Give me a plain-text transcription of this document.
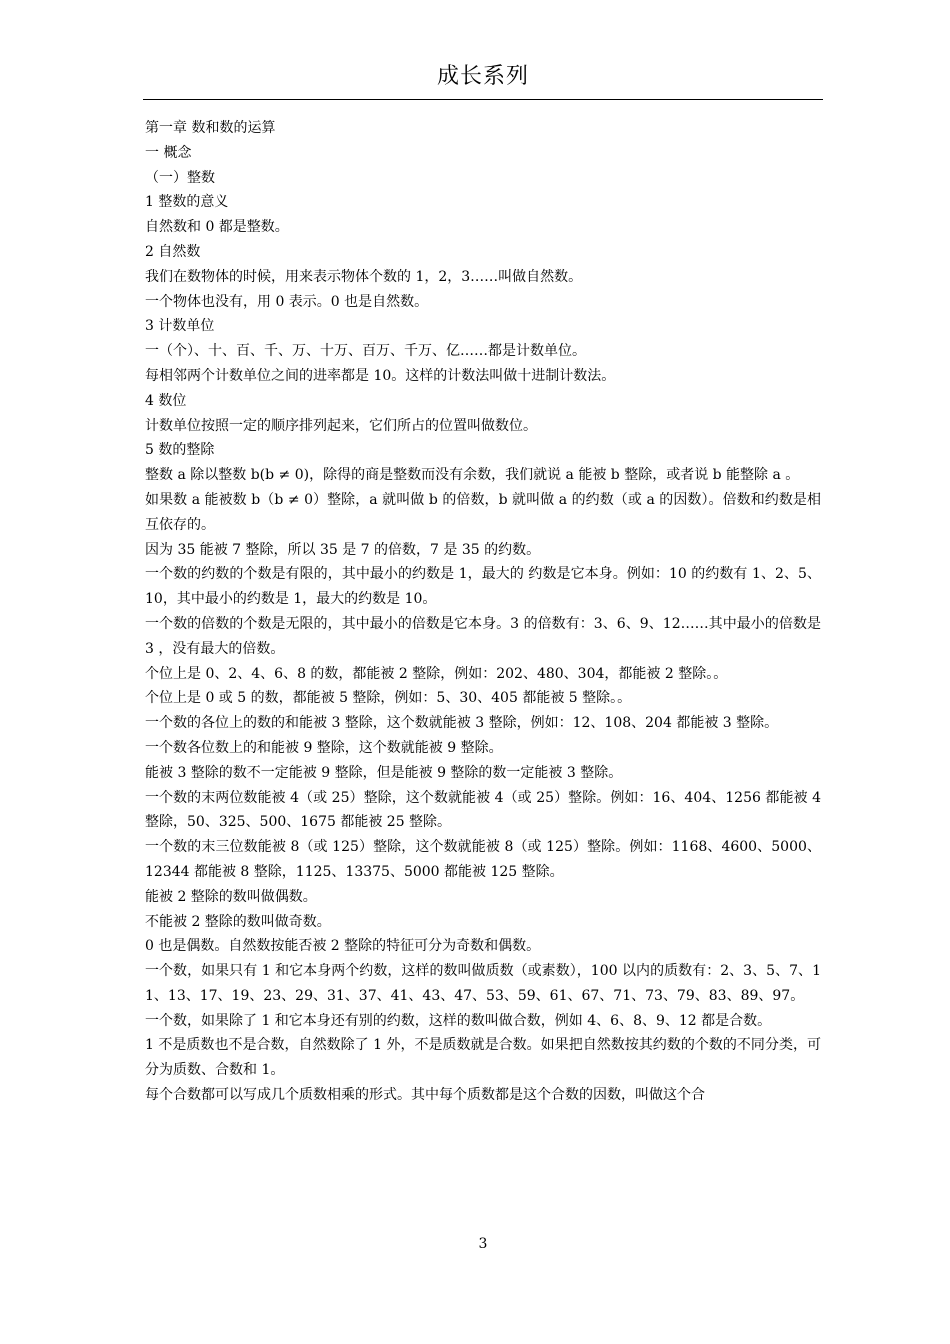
成长系列

第一章 数和数的运算

一 概念

（一）整数

1 整数的意义

自然数和 0 都是整数。

2 自然数

我们在数物体的时候，用来表示物体个数的 1，2，3……叫做自然数。

一个物体也没有，用 0 表示。0 也是自然数。

3 计数单位

一（个）、十、百、千、万、十万、百万、千万、亿……都是计数单位。

每相邻两个计数单位之间的进率都是 10。这样的计数法叫做十进制计数法。

4 数位

计数单位按照一定的顺序排列起来，它们所占的位置叫做数位。

5 数的整除

整数 a 除以整数 b(b ≠ 0)，除得的商是整数而没有余数，我们就说 a 能被 b 整除，或者说 b 能整除 a 。

如果数 a 能被数 b（b ≠ 0）整除，a 就叫做 b 的倍数，b 就叫做 a 的约数（或 a 的因数）。倍数和约数是相互依存的。

因为 35 能被 7 整除，所以 35 是 7 的倍数，7 是 35 的约数。

一个数的约数的个数是有限的，其中最小的约数是 1，最大的 约数是它本身。例如：10 的约数有 1、2、5、10，其中最小的约数是 1，最大的约数是 10。

一个数的倍数的个数是无限的，其中最小的倍数是它本身。3 的倍数有：3、6、9、12……其中最小的倍数是 3 ，没有最大的倍数。

个位上是 0、2、4、6、8 的数，都能被 2 整除，例如：202、480、304，都能被 2 整除。。

个位上是 0 或 5 的数，都能被 5 整除，例如：5、30、405 都能被 5 整除。。

一个数的各位上的数的和能被 3 整除，这个数就能被 3 整除，例如：12、108、204 都能被 3 整除。

一个数各位数上的和能被 9 整除，这个数就能被 9 整除。

能被 3 整除的数不一定能被 9 整除，但是能被 9 整除的数一定能被 3 整除。

一个数的末两位数能被 4（或 25）整除，这个数就能被 4（或 25）整除。例如：16、404、1256 都能被 4 整除，50、325、500、1675 都能被 25 整除。

一个数的末三位数能被 8（或 125）整除，这个数就能被 8（或 125）整除。例如：1168、4600、5000、12344 都能被 8 整除，1125、13375、5000 都能被 125 整除。

能被 2 整除的数叫做偶数。

不能被 2 整除的数叫做奇数。

0 也是偶数。自然数按能否被 2 整除的特征可分为奇数和偶数。

一个数，如果只有 1 和它本身两个约数，这样的数叫做质数（或素数），100 以内的质数有：2、3、5、7、11、13、17、19、23、29、31、37、41、43、47、53、59、61、67、71、73、79、83、89、97。

一个数，如果除了 1 和它本身还有别的约数，这样的数叫做合数，例如 4、6、8、9、12 都是合数。

1 不是质数也不是合数，自然数除了 1 外，不是质数就是合数。如果把自然数按其约数的个数的不同分类，可分为质数、合数和 1。

每个合数都可以写成几个质数相乘的形式。其中每个质数都是这个合数的因数，叫做这个合

3
